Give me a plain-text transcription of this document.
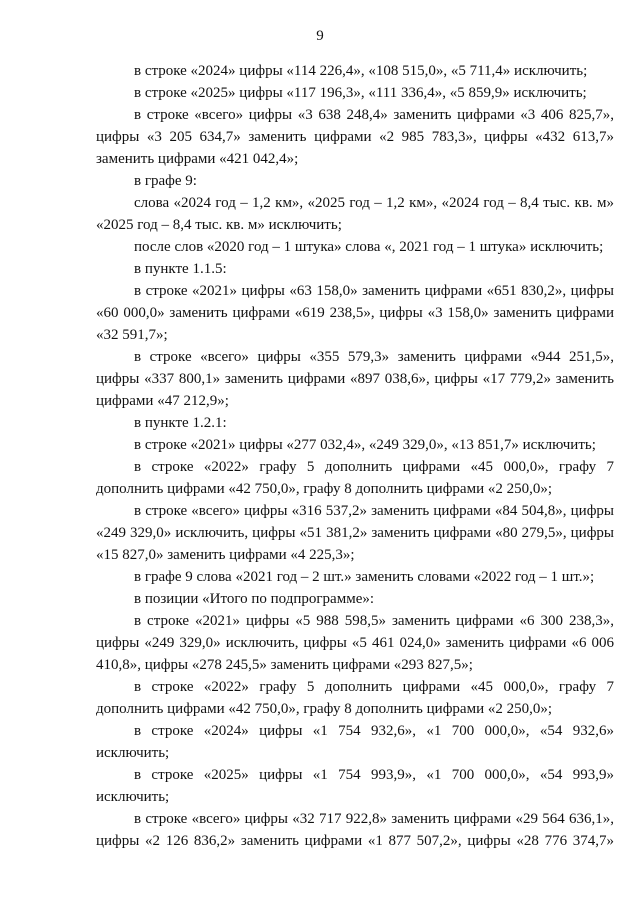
9

в строке «2024» цифры «114 226,4», «108 515,0», «5 711,4» исключить;

в строке «2025» цифры «117 196,3», «111 336,4», «5 859,9» исключить;

в строке «всего» цифры «3 638 248,4» заменить цифрами «3 406 825,7», цифры «3 205 634,7» заменить цифрами «2 985 783,3», цифры «432 613,7» заменить цифрами «421 042,4»;

в графе 9:

слова «2024 год – 1,2 км», «2025 год – 1,2 км», «2024 год – 8,4 тыс. кв. м» «2025 год – 8,4 тыс. кв. м» исключить;

после слов «2020 год – 1 штука» слова «, 2021 год – 1 штука» исключить;

в пункте 1.1.5:

в строке «2021» цифры «63 158,0» заменить цифрами «651 830,2», цифры «60 000,0» заменить цифрами «619 238,5», цифры «3 158,0» заменить цифрами «32 591,7»;

в строке «всего» цифры «355 579,3» заменить цифрами «944 251,5», цифры «337 800,1» заменить цифрами «897 038,6», цифры «17 779,2» заменить цифрами «47 212,9»;

в пункте 1.2.1:

в строке «2021» цифры «277 032,4», «249 329,0», «13 851,7» исключить;

в строке «2022» графу 5 дополнить цифрами «45 000,0», графу 7 дополнить цифрами «42 750,0», графу 8 дополнить цифрами «2 250,0»;

в строке «всего» цифры «316 537,2» заменить цифрами «84 504,8», цифры «249 329,0» исключить, цифры «51 381,2» заменить цифрами «80 279,5», цифры «15 827,0» заменить цифрами «4 225,3»;

в графе 9 слова «2021 год – 2 шт.» заменить словами «2022 год – 1 шт.»;

в позиции «Итого по подпрограмме»:

в строке «2021» цифры «5 988 598,5» заменить цифрами «6 300 238,3», цифры «249 329,0» исключить, цифры «5 461 024,0» заменить цифрами «6 006 410,8», цифры «278 245,5» заменить цифрами «293 827,5»;

в строке «2022» графу 5 дополнить цифрами «45 000,0», графу 7 дополнить цифрами «42 750,0», графу 8 дополнить цифрами «2 250,0»;

в строке «2024» цифры «1 754 932,6», «1 700 000,0», «54 932,6» исключить;

в строке «2025» цифры «1 754 993,9», «1 700 000,0», «54 993,9» исключить;

в строке «всего» цифры «32 717 922,8» заменить цифрами «29 564 636,1», цифры «2 126 836,2» заменить цифрами «1 877 507,2», цифры «28 776 374,7»
